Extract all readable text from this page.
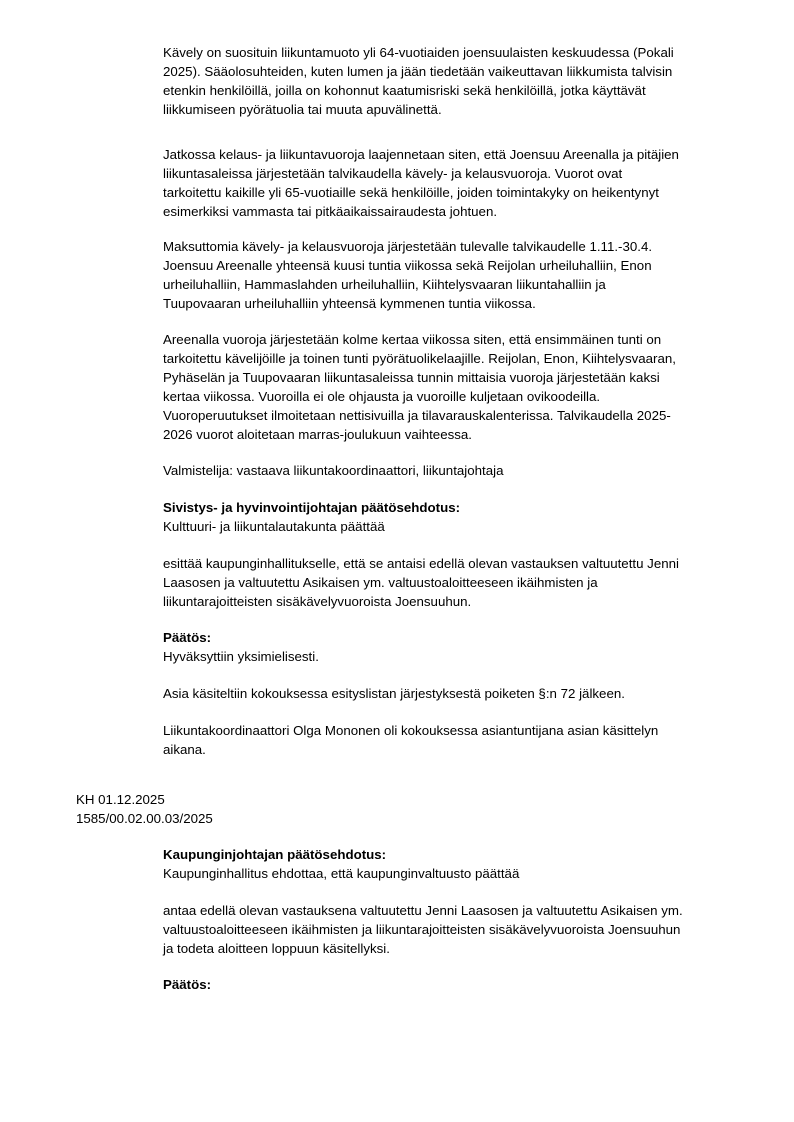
Kävely on suosituin liikuntamuoto yli 64-vuotiaiden joensuulaisten keskuudessa (Pokali
2025). Sääolosuhteiden, kuten lumen ja jään tiedetään vaikeuttavan liikkumista talvisin
etenkin henkilöillä, joilla on kohonnut kaatumisriski sekä henkilöillä, jotka käyttävät
liikkumiseen pyörätuolia tai muuta apuvälinettä.
Jatkossa kelaus- ja liikuntavuoroja laajennetaan siten, että Joensuu Areenalla ja pitäjien
liikuntasaleissa järjestetään talvikaudella kävely- ja kelausvuoroja. Vuorot ovat
tarkoitettu kaikille yli 65-vuotiaille sekä henkilöille, joiden toimintakyky on heikentynyt
esimerkiksi vammasta tai pitkäaikaissairaudesta johtuen.
Maksuttomia kävely- ja kelausvuoroja järjestetään tulevalle talvikaudelle 1.11.-30.4.
Joensuu Areenalle yhteensä kuusi tuntia viikossa sekä Reijolan urheiluhalliin, Enon
urheiluhalliin, Hammaslahden urheiluhalliin, Kiihtelysvaaran liikuntahalliin ja
Tuupovaaran urheiluhalliin yhteensä kymmenen tuntia viikossa.
Areenalla vuoroja järjestetään kolme kertaa viikossa siten, että ensimmäinen tunti on
tarkoitettu kävelijöille ja toinen tunti pyörätuolikelaajille. Reijolan, Enon, Kiihtelysvaaran,
Pyhäselän ja Tuupovaaran liikuntasaleissa tunnin mittaisia vuoroja järjestetään kaksi
kertaa viikossa. Vuoroilla ei ole ohjausta ja vuoroille kuljetaan ovikoodeilla.
Vuoroperuutukset ilmoitetaan nettisivuilla ja tilavarauskalenterissa. Talvikaudella 2025-
2026 vuorot aloitetaan marras-joulukuun vaihteessa.
Valmistelija: vastaava liikuntakoordinaattori, liikuntajohtaja
Sivistys- ja hyvinvointijohtajan päätösehdotus:
Kulttuuri- ja liikuntalautakunta päättää
esittää kaupunginhallitukselle, että se antaisi edellä olevan vastauksen valtuutettu Jenni
Laasosen ja valtuutettu Asikaisen ym. valtuustoaloitteeseen ikäihmisten ja
liikuntarajoitteisten sisäkävelyvuoroista Joensuuhun.
Päätös:
Hyväksyttiin yksimielisesti.
Asia käsiteltiin kokouksessa esityslistan järjestyksestä poiketen §:n 72 jälkeen.
Liikuntakoordinaattori Olga Mononen oli kokouksessa asiantuntijana asian käsittelyn
aikana.
KH 01.12.2025
1585/00.02.00.03/2025
Kaupunginjohtajan päätösehdotus:
Kaupunginhallitus ehdottaa, että kaupunginvaltuusto päättää
antaa edellä olevan vastauksena valtuutettu Jenni Laasosen ja valtuutettu Asikaisen ym.
valtuustoaloitteeseen ikäihmisten ja liikuntarajoitteisten sisäkävelyvuoroista Joensuuhun
ja todeta aloitteen loppuun käsitellyksi.
Päätös:
